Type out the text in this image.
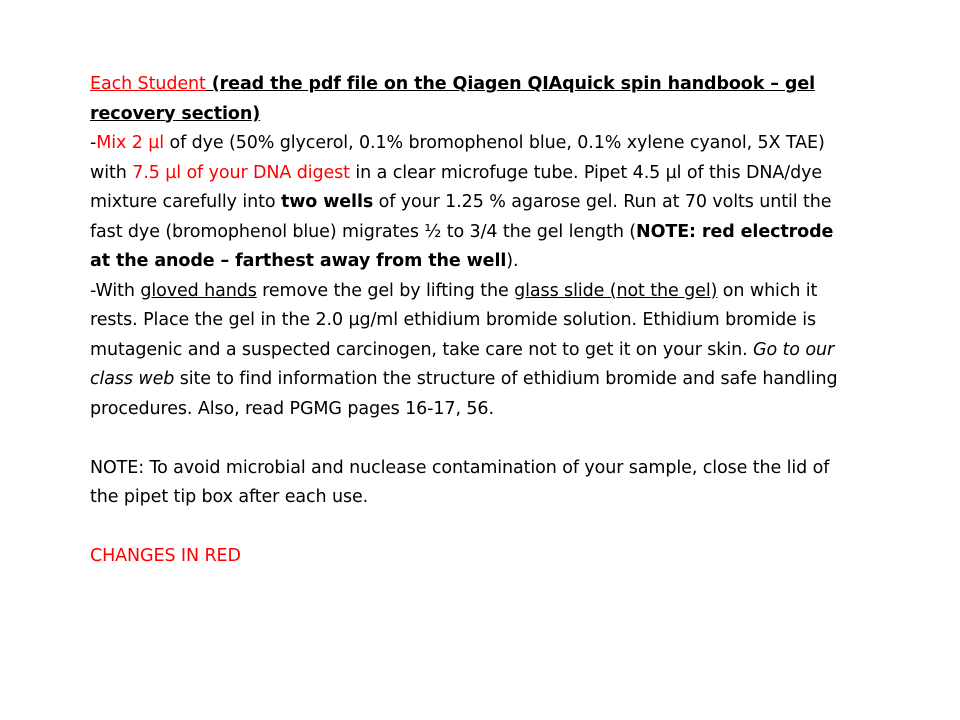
Each Student (read the pdf file on the Qiagen QIAquick spin handbook – gel recovery section)

-Mix 2 µl of dye (50% glycerol, 0.1% bromophenol blue, 0.1% xylene cyanol, 5X TAE) with 7.5 µl of your DNA digest in a clear microfuge tube. Pipet 4.5 µl of this DNA/dye mixture carefully into two wells of your 1.25 % agarose gel. Run at 70 volts until the fast dye (bromophenol blue) migrates ½ to 3/4 the gel length (NOTE: red electrode at the anode – farthest away from the well).

-With gloved hands remove the gel by lifting the glass slide (not the gel) on which it rests. Place the gel in the 2.0 µg/ml ethidium bromide solution. Ethidium bromide is mutagenic and a suspected carcinogen, take care not to get it on your skin. Go to our class web site to find information the structure of ethidium bromide and safe handling procedures. Also, read PGMG pages 16-17, 56.

NOTE: To avoid microbial and nuclease contamination of your sample, close the lid of the pipet tip box after each use.

CHANGES IN RED
